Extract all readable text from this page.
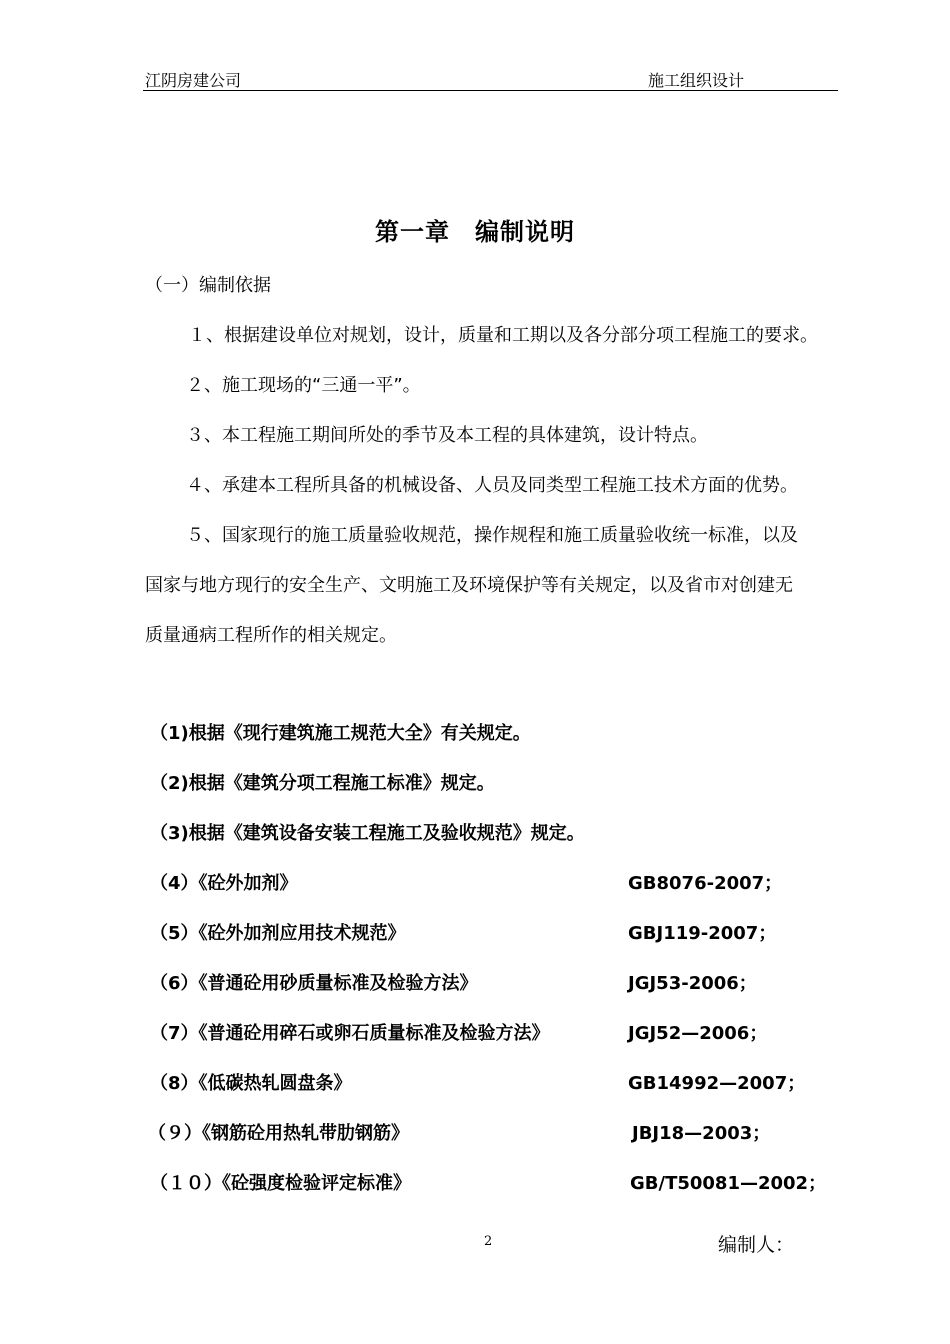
江阴房建公司	施工组织设计
第一章　编制说明
（一）编制依据
１、根据建设单位对规划，设计，质量和工期以及各分部分项工程施工的要求。
２、施工现场的“三通一平”。
３、本工程施工期间所处的季节及本工程的具体建筑，设计特点。
４、承建本工程所具备的机械设备、人员及同类型工程施工技术方面的优势。
５、国家现行的施工质量验收规范，操作规程和施工质量验收统一标准，以及
国家与地方现行的安全生产、文明施工及环境保护等有关规定，以及省市对创建无
质量通病工程所作的相关规定。
（1)根据《现行建筑施工规范大全》有关规定。
（2)根据《建筑分项工程施工标准》规定。
（3)根据《建筑设备安装工程施工及验收规范》规定。
（4）《砼外加剂》	GB8076-2007；
（5）《砼外加剂应用技术规范》	GBJ119-2007；
（6）《普通砼用砂质量标准及检验方法》	JGJ53-2006；
（7）《普通砼用碎石或卵石质量标准及检验方法》	JGJ52—2006；
（8）《低碳热轧圆盘条》	GB14992—2007；
（９）《钢筋砼用热轧带肋钢筋》	JBJ18—2003；
（１０）《砼强度检验评定标准》	GB/T50081—2002；
2	编制人：
